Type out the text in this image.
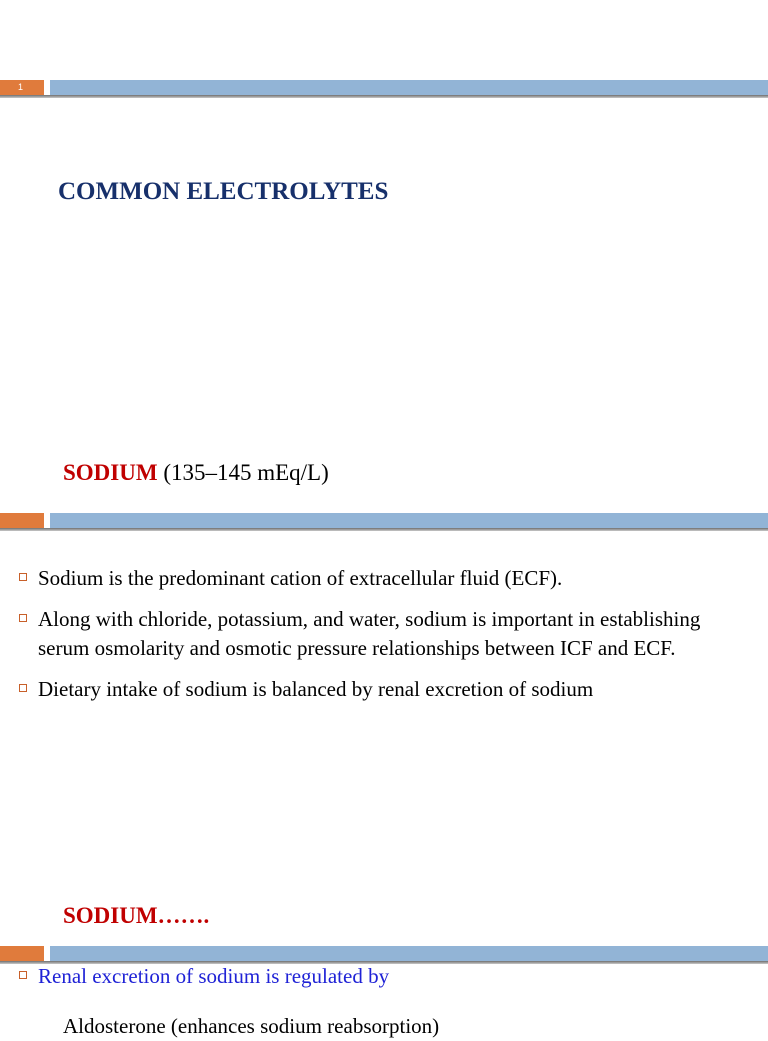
1
COMMON ELECTROLYTES
SODIUM (135–145 mEq/L)
Sodium is the predominant cation of extracellular fluid (ECF).
Along with chloride, potassium, and water, sodium is important in establishing serum osmolarity and osmotic pressure relationships between ICF and ECF.
Dietary intake of sodium is balanced by renal excretion of sodium
SODIUM…….
Renal excretion of sodium is regulated by
Aldosterone (enhances sodium reabsorption)
